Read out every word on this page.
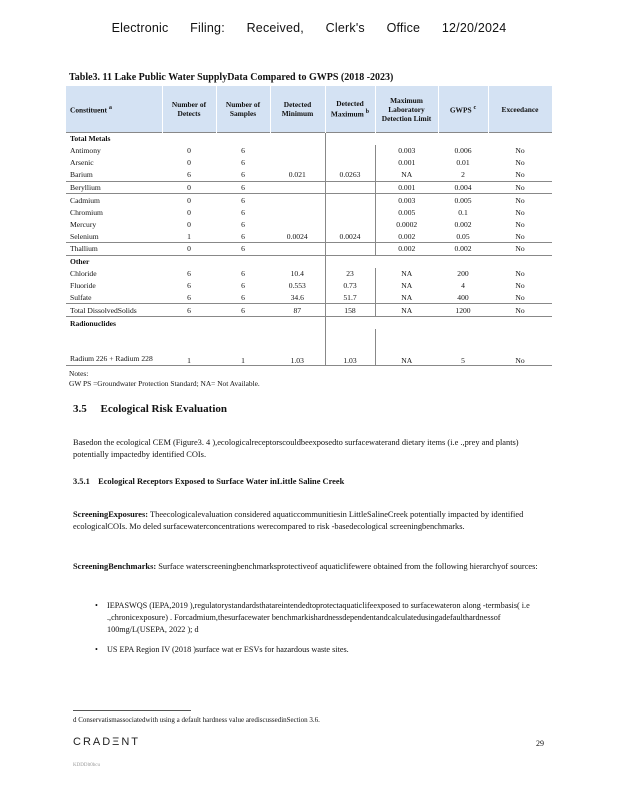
Electronic Filing: Received, Clerk's Office 12/20/2024
Table3. 11 Lake Public Water SupplyData Compared to GWPS (2018 -2023)
Constituent $^a$	Number of Detects	Number of Samples	Detected Minimum	Detected Maximum $^b$	Maximum Laboratory Detection Limit	GWPS $^c$	Exceedance
Total Metals							
Antimony	0	6			0.003	0.006	No
Arsenic	0	6			0.001	0.01	No
Barium	6	6	0.021	0.0263	NA	2	No
Beryllium	0	6			0.001	0.004	No
Cadmium	0	6			0.003	0.005	No
Chromium	0	6			0.005	0.1	No
Mercury	0	6			0.0002	0.002	No
Selenium	1	6	0.0024	0.0024	0.002	0.05	No
Thallium	0	6			0.002	0.002	No
Other							
Chloride	6	6	10.4	23	NA	200	No
Fluoride	6	6	0.553	0.73	NA	4	No
Sulfate	6	6	34.6	51.7	NA	400	No
Total DissolvedSolids	6	6	87	158	NA	1200	No
Radionuclides							
Radium 226 + Radium 228	1	1	1.03	1.03	NA	5	No
Notes:
GW PS =Groundwater Protection Standard; NA= Not Available.
3.5 Ecological Risk Evaluation
Basedon the ecological CEM (Figure3. 4 ),ecologicalreceptorscouldbeexposedto surfacewaterand dietary items (i.e .,prey and plants) potentially impactedby identified COIs.
3.5.1 Ecological Receptors Exposed to Surface Water inLittle Saline Creek
ScreeningExposures: Theecologicalevaluation considered aquaticcommunitiesin LittleSalineCreek potentially impacted by identified ecologicalCOIs. Mo deled surfacewaterconcentrations werecompared to risk -basedecological screeningbenchmarks.
ScreeningBenchmarks: Surface waterscreeningbenchmarksprotectiveof aquaticlifewere obtained from the following hierarchyof sources:
• IEPASWQS (IEPA,2019 ),regulatorystandardsthatareintendedtoprotectaquaticlifeexposed to surfacewateron along -termbasis( i.e .,chronicexposure) . Forcadmium,thesurfacewater benchmarkishardnessdependentandcalculatedusingadefaulthardnessof 100mg/L(USEPA, 2022 ); d
• US EPA Region IV (2018 )surface wat er ESVs for hazardous waste sites.
d Conservatismassociatedwith using a default hardness value arediscussedinSection 3.6.
CRADΞNT	29
KDDDlt0bcu
